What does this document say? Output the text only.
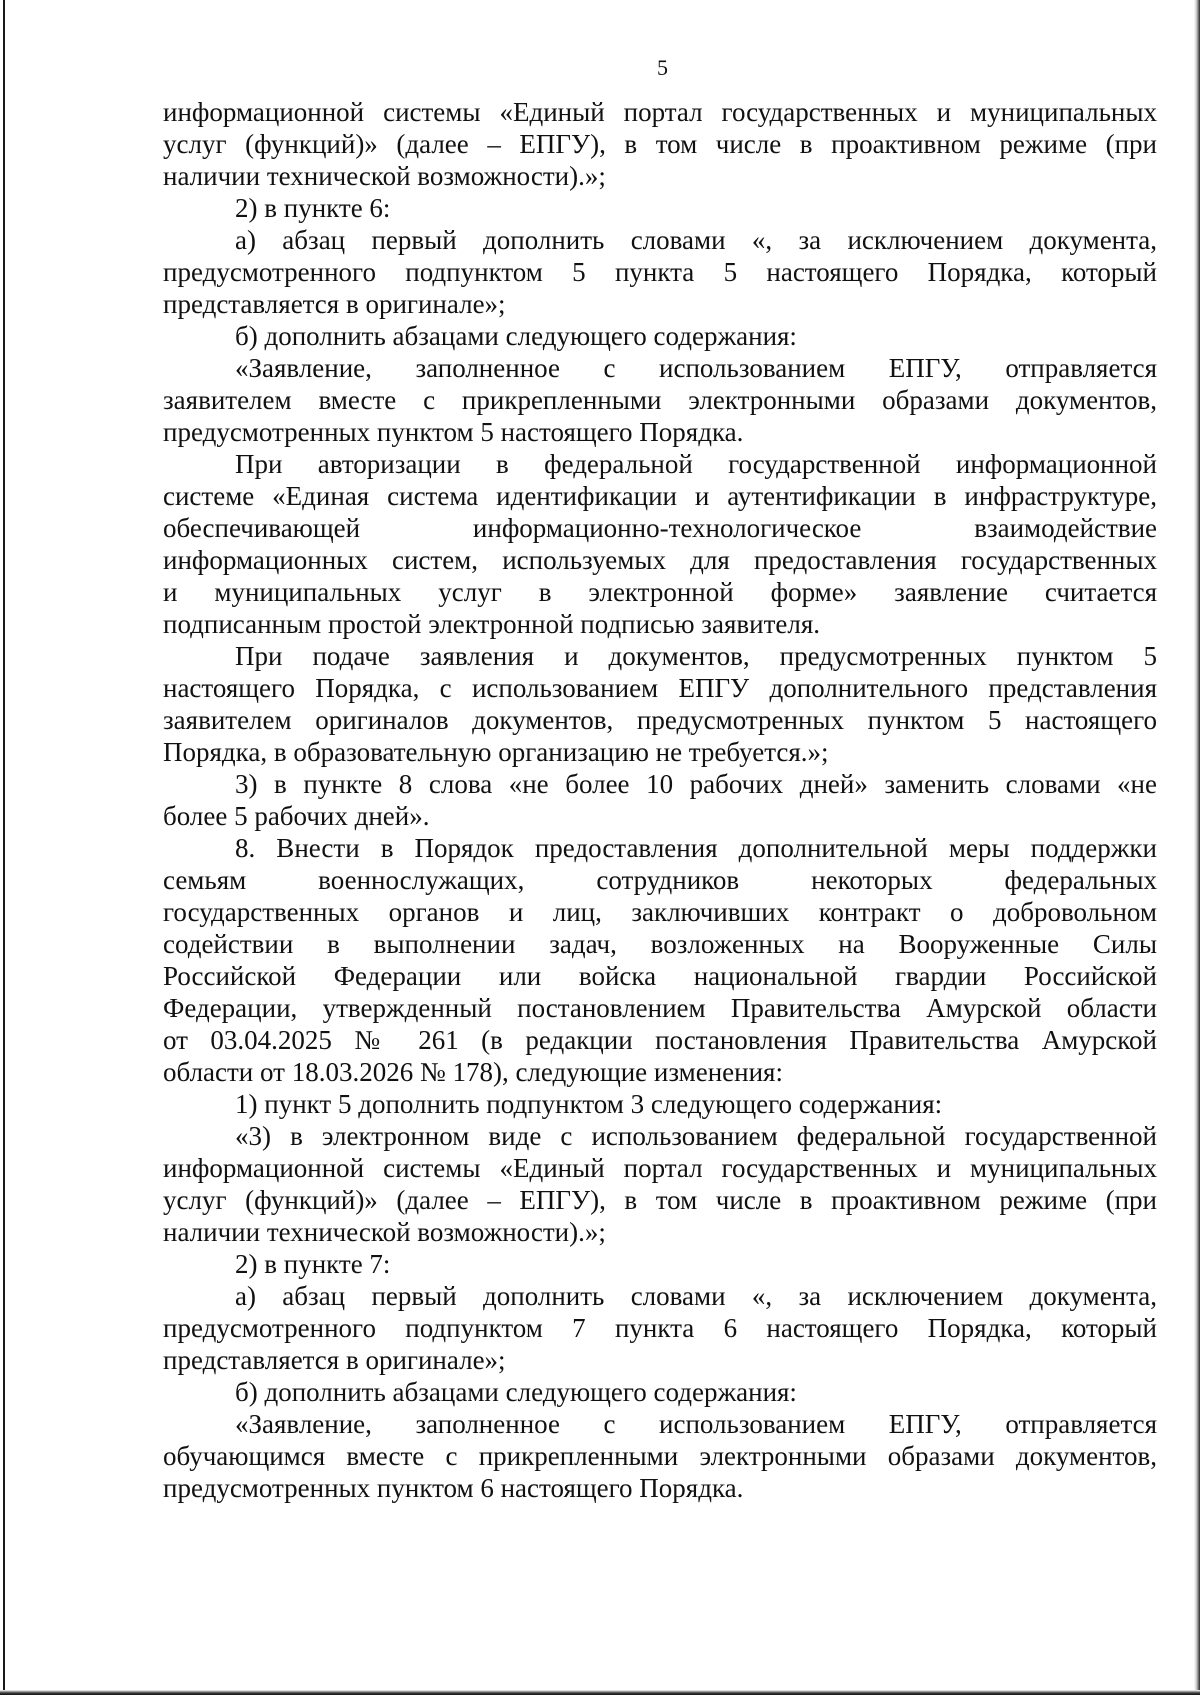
5
информационной системы «Единый портал государственных и муниципальных
услуг (функций)» (далее – ЕПГУ), в том числе в проактивном режиме (при
наличии технической возможности).»;
2) в пункте 6:
а) абзац первый дополнить словами «, за исключением документа,
предусмотренного подпунктом 5 пункта 5 настоящего Порядка, который
представляется в оригинале»;
б) дополнить абзацами следующего содержания:
«Заявление, заполненное с использованием ЕПГУ, отправляется
заявителем вместе с прикрепленными электронными образами документов,
предусмотренных пунктом 5 настоящего Порядка.
При авторизации в федеральной государственной информационной
системе «Единая система идентификации и аутентификации в инфраструктуре,
обеспечивающей информационно-технологическое взаимодействие
информационных систем, используемых для предоставления государственных
и муниципальных услуг в электронной форме» заявление считается
подписанным простой электронной подписью заявителя.
При подаче заявления и документов, предусмотренных пунктом 5
настоящего Порядка, с использованием ЕПГУ дополнительного представления
заявителем оригиналов документов, предусмотренных пунктом 5 настоящего
Порядка, в образовательную организацию не требуется.»;
3) в пункте 8 слова «не более 10 рабочих дней» заменить словами «не
более 5 рабочих дней».
8. Внести в Порядок предоставления дополнительной меры поддержки
семьям военнослужащих, сотрудников некоторых федеральных
государственных органов и лиц, заключивших контракт о добровольном
содействии в выполнении задач, возложенных на Вооруженные Силы
Российской Федерации или войска национальной гвардии Российской
Федерации, утвержденный постановлением Правительства Амурской области
от 03.04.2025 № 261 (в редакции постановления Правительства Амурской
области от 18.03.2026 № 178), следующие изменения:
1) пункт 5 дополнить подпунктом 3 следующего содержания:
«3) в электронном виде с использованием федеральной государственной
информационной системы «Единый портал государственных и муниципальных
услуг (функций)» (далее – ЕПГУ), в том числе в проактивном режиме (при
наличии технической возможности).»;
2) в пункте 7:
а) абзац первый дополнить словами «, за исключением документа,
предусмотренного подпунктом 7 пункта 6 настоящего Порядка, который
представляется в оригинале»;
б) дополнить абзацами следующего содержания:
«Заявление, заполненное с использованием ЕПГУ, отправляется
обучающимся вместе с прикрепленными электронными образами документов,
предусмотренных пунктом 6 настоящего Порядка.
